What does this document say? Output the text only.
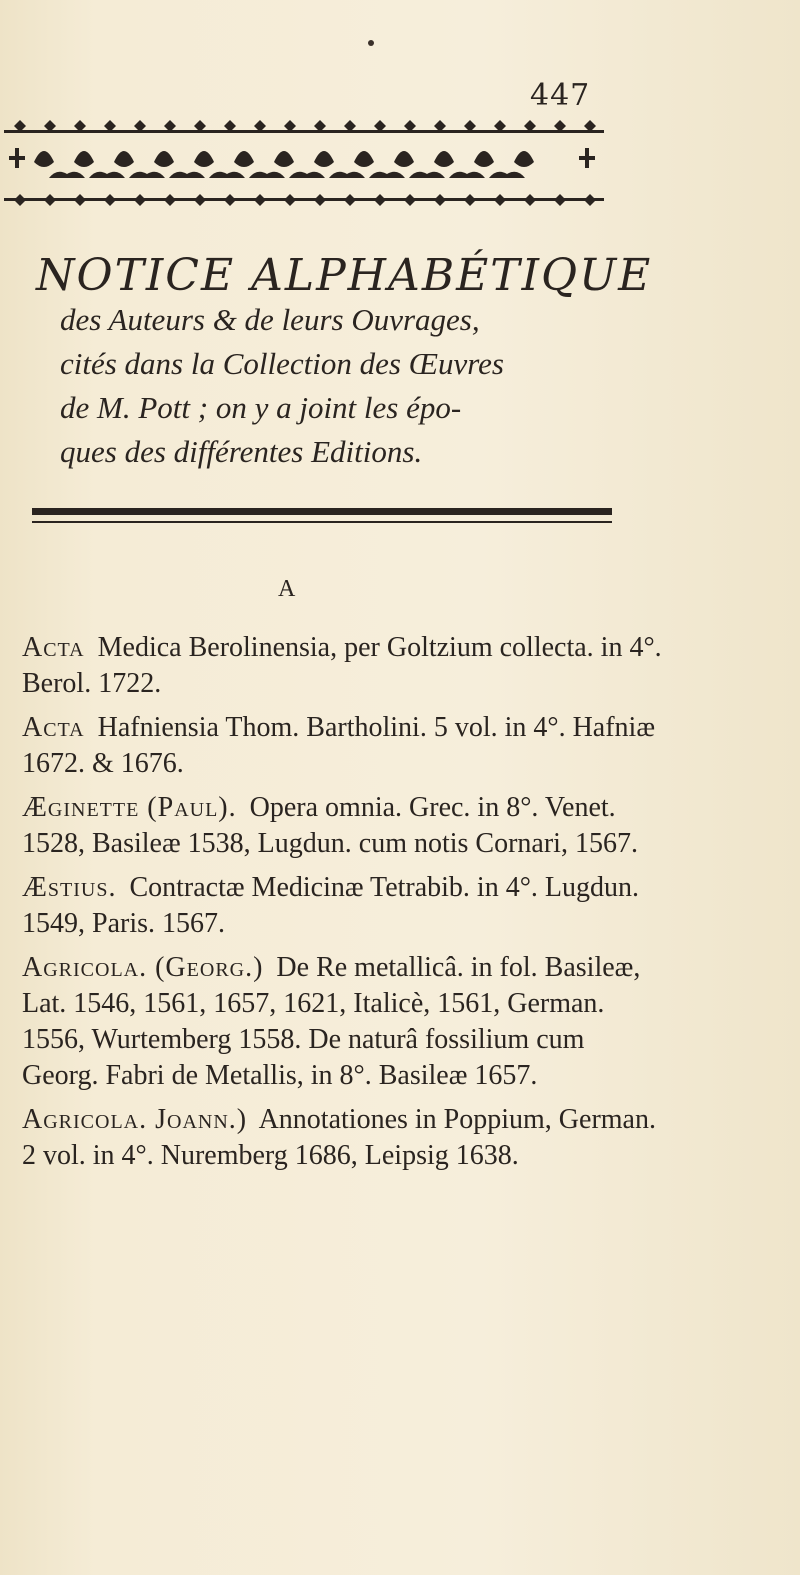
447
NOTICE ALPHABÉTIQUE
des Auteurs & de leurs Ouvrages,
cités dans la Collection des Œuvres
de M. Pott ; on y a joint les épo-
ques des différentes Editions.
A
Acta Medica Berolinensia, per Goltzium collecta. in 4°. Berol. 1722.
Acta Hafniensia Thom. Bartholini. 5 vol. in 4°. Hafniæ 1672. & 1676.
Æginette (Paul). Opera omnia. Grec. in 8°. Venet. 1528, Basileæ 1538, Lugdun. cum notis Cornari, 1567.
Æstius. Contractæ Medicinæ Tetrabib. in 4°. Lugdun. 1549, Paris. 1567.
Agricola. (Georg.) De Re metallicâ. in fol. Basileæ, Lat. 1546, 1561, 1657, 1621, Italicè, 1561, German. 1556, Wurtemberg 1558. De naturâ fossilium cum Georg. Fabri de Metallis, in 8°. Basileæ 1657.
Agricola. Joann.) Annotationes in Poppium, German. 2 vol. in 4°. Nuremberg 1686, Leipsig 1638.
